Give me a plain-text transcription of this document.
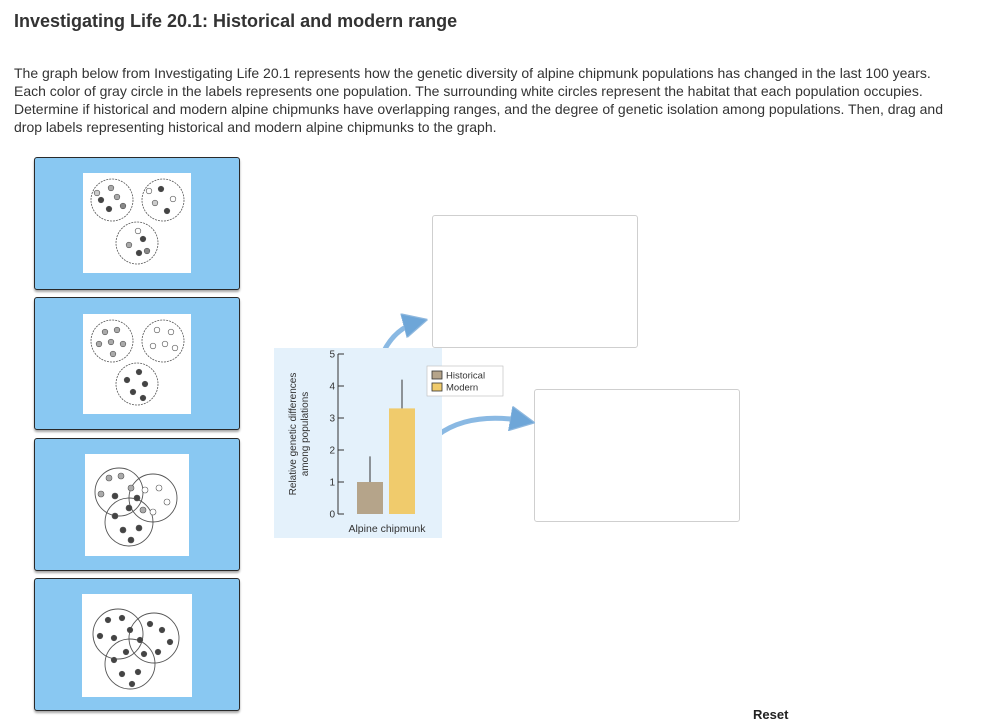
Investigating Life 20.1: Historical and modern range

The graph below from Investigating Life 20.1 represents how the genetic diversity of alpine chipmunk populations has changed in the last 100 years. Each color of gray circle in the labels represents one population. The surrounding white circles represent the habitat that each population occupies. Determine if historical and modern alpine chipmunks have overlapping ranges, and the degree of genetic isolation among populations. Then, drag and drop labels representing historical and modern alpine chipmunks to the graph.

Relative genetic differences among populations
0
1
2
3
4
5
Alpine chipmunk
Historical
Modern
Reset
